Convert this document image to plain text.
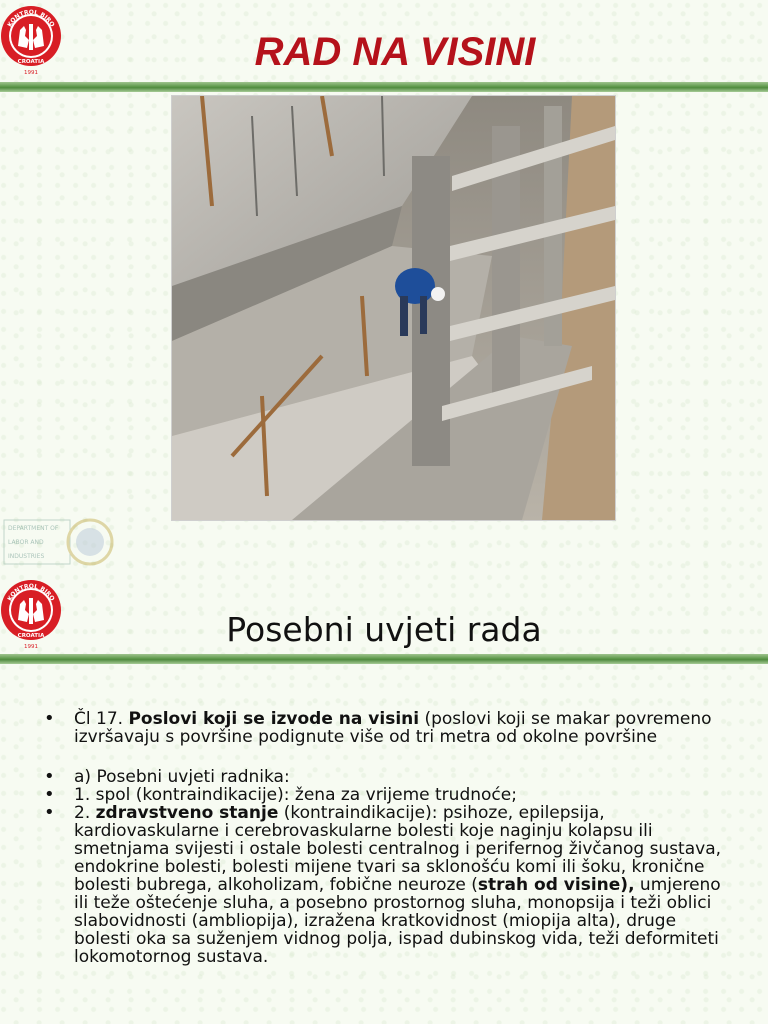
KONTROL BIRO
CROATIA
1991	RAD NA VISINI
DEPARTMENT OF
LABOR AND
INDUSTRIES
KONTROL BIRO
CROATIA
1991	Posebni uvjeti rada
• Čl 17. Poslovi koji se izvode na visini (poslovi koji se makar povremeno izvršavaju s površine podignute više od tri metra od okolne površine
• a) Posebni uvjeti radnika:
• 1. spol (kontraindikacije): žena za vrijeme trudnoće;
• 2. zdravstveno stanje (kontraindikacije): psihoze, epilepsija, kardiovaskularne i cerebrovaskularne bolesti koje naginju kolapsu ili smetnjama svijesti i ostale bolesti centralnog i perifernog živčanog sustava, endokrine bolesti, bolesti mijene tvari sa sklonošću komi ili šoku, kronične bolesti bubrega, alkoholizam, fobične neuroze (strah od visine), umjereno ili teže oštećenje sluha, a posebno prostornog sluha, monopsija i teži oblici slabovidnosti (ambliopija), izražena kratkovidnost (miopija alta), druge bolesti oka sa suženjem vidnog polja, ispad dubinskog vida, teži deformiteti lokomotornog sustava.
